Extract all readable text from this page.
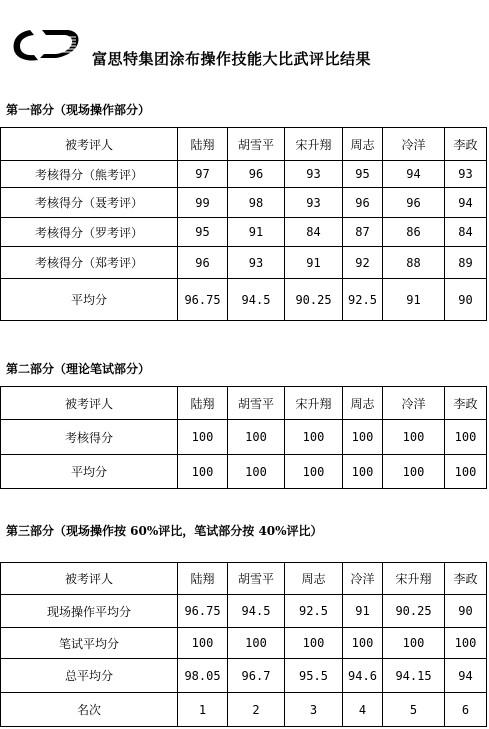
富思特集团涂布操作技能大比武评比结果
第一部分（现场操作部分）
被考评人	陆翔	胡雪平	宋升翔	周志	冷洋	李政
考核得分（熊考评）	97	96	93	95	94	93
考核得分（聂考评）	99	98	93	96	96	94
考核得分（罗考评）	95	91	84	87	86	84
考核得分（郑考评）	96	93	91	92	88	89
平均分	96.75	94.5	90.25	92.5	91	90
第二部分（理论笔试部分）
被考评人	陆翔	胡雪平	宋升翔	周志	冷洋	李政
考核得分	100	100	100	100	100	100
平均分	100	100	100	100	100	100
第三部分（现场操作按 60%评比，笔试部分按 40%评比）
被考评人	陆翔	胡雪平	周志	冷洋	宋升翔	李政
现场操作平均分	96.75	94.5	92.5	91	90.25	90
笔试平均分	100	100	100	100	100	100
总平均分	98.05	96.7	95.5	94.6	94.15	94
名次	1	2	3	4	5	6
